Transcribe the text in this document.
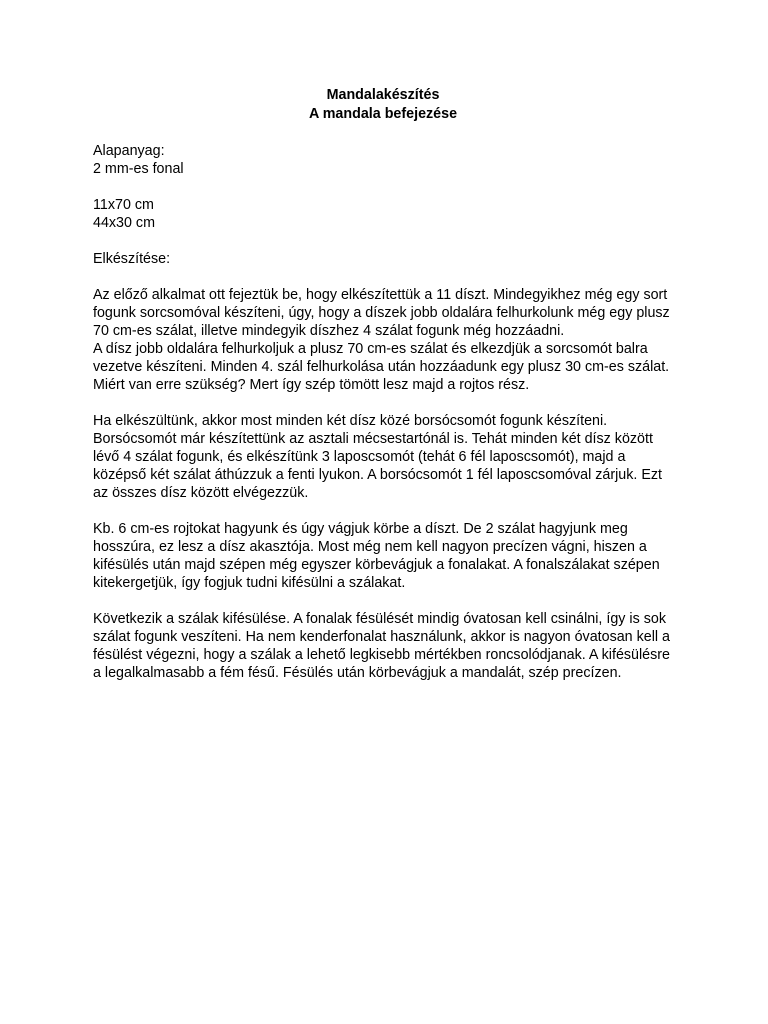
Mandalakészítés
A mandala befejezése

Alapanyag:

2 mm-es fonal

11x70 cm

44x30 cm

Elkészítése:

Az előző alkalmat ott fejeztük be, hogy elkészítettük a 11 díszt. Mindegyikhez még egy sort
fogunk sorcsomóval készíteni, úgy, hogy a díszek jobb oldalára felhurkolunk még egy plusz
70 cm-es szálat, illetve mindegyik díszhez 4 szálat fogunk még hozzáadni.
A dísz jobb oldalára felhurkoljuk a plusz 70 cm-es szálat és elkezdjük a sorcsomót balra
vezetve készíteni. Minden 4. szál felhurkolása után hozzáadunk egy plusz 30 cm-es szálat.
Miért van erre szükség? Mert így szép tömött lesz majd a rojtos rész.
Ha elkészültünk, akkor most minden két dísz közé borsócsomót fogunk készíteni.
Borsócsomót már készítettünk az asztali mécsestartónál is. Tehát minden két dísz között
lévő 4 szálat fogunk, és elkészítünk 3 laposcsomót (tehát 6 fél laposcsomót), majd a
középső két szálat áthúzzuk a fenti lyukon. A borsócsomót 1 fél laposcsomóval zárjuk. Ezt
az összes dísz között elvégezzük.
Kb. 6 cm-es rojtokat hagyunk és úgy vágjuk körbe a díszt. De 2 szálat hagyjunk meg
hosszúra, ez lesz a dísz akasztója. Most még nem kell nagyon precízen vágni, hiszen a
kifésülés után majd szépen még egyszer körbevágjuk a fonalakat. A fonalszálakat szépen
kitekergetjük, így fogjuk tudni kifésülni a szálakat.
Következik a szálak kifésülése. A fonalak fésülését mindig óvatosan kell csinálni, így is sok
szálat fogunk veszíteni. Ha nem kenderfonalat használunk, akkor is nagyon óvatosan kell a
fésülést végezni, hogy a szálak a lehető legkisebb mértékben roncsolódjanak. A kifésülésre
a legalkalmasabb a fém fésű. Fésülés után körbevágjuk a mandalát, szép precízen.
